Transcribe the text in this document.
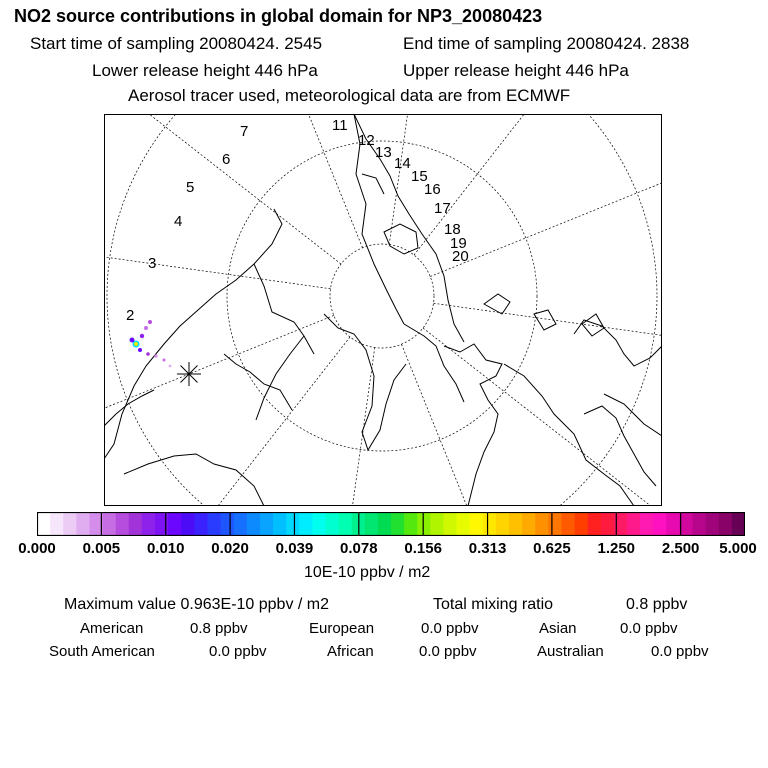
NO2 source contributions in global domain for NP3_20080423
Start time of sampling 20080424. 2545	End time of sampling 20080424. 2838
Lower release height 446 hPa	Upper release height 446 hPa
Aerosol tracer used, meteorological data are from ECMWF
2
3
4
5
6
7	11
12
13
14
15
16
17
18
19
20
0.000 0.005 0.010 0.020 0.039 0.078 0.156 0.313 0.625 1.250 2.500 5.000
10E-10 ppbv / m2
Maximum value 0.963E-10 ppbv / m2	Total mixing ratio	0.8 ppbv
American	0.8 ppbv	European	0.0 ppbv	Asian	0.0 ppbv
South American	0.0 ppbv	African	0.0 ppbv	Australian	0.0 ppbv
